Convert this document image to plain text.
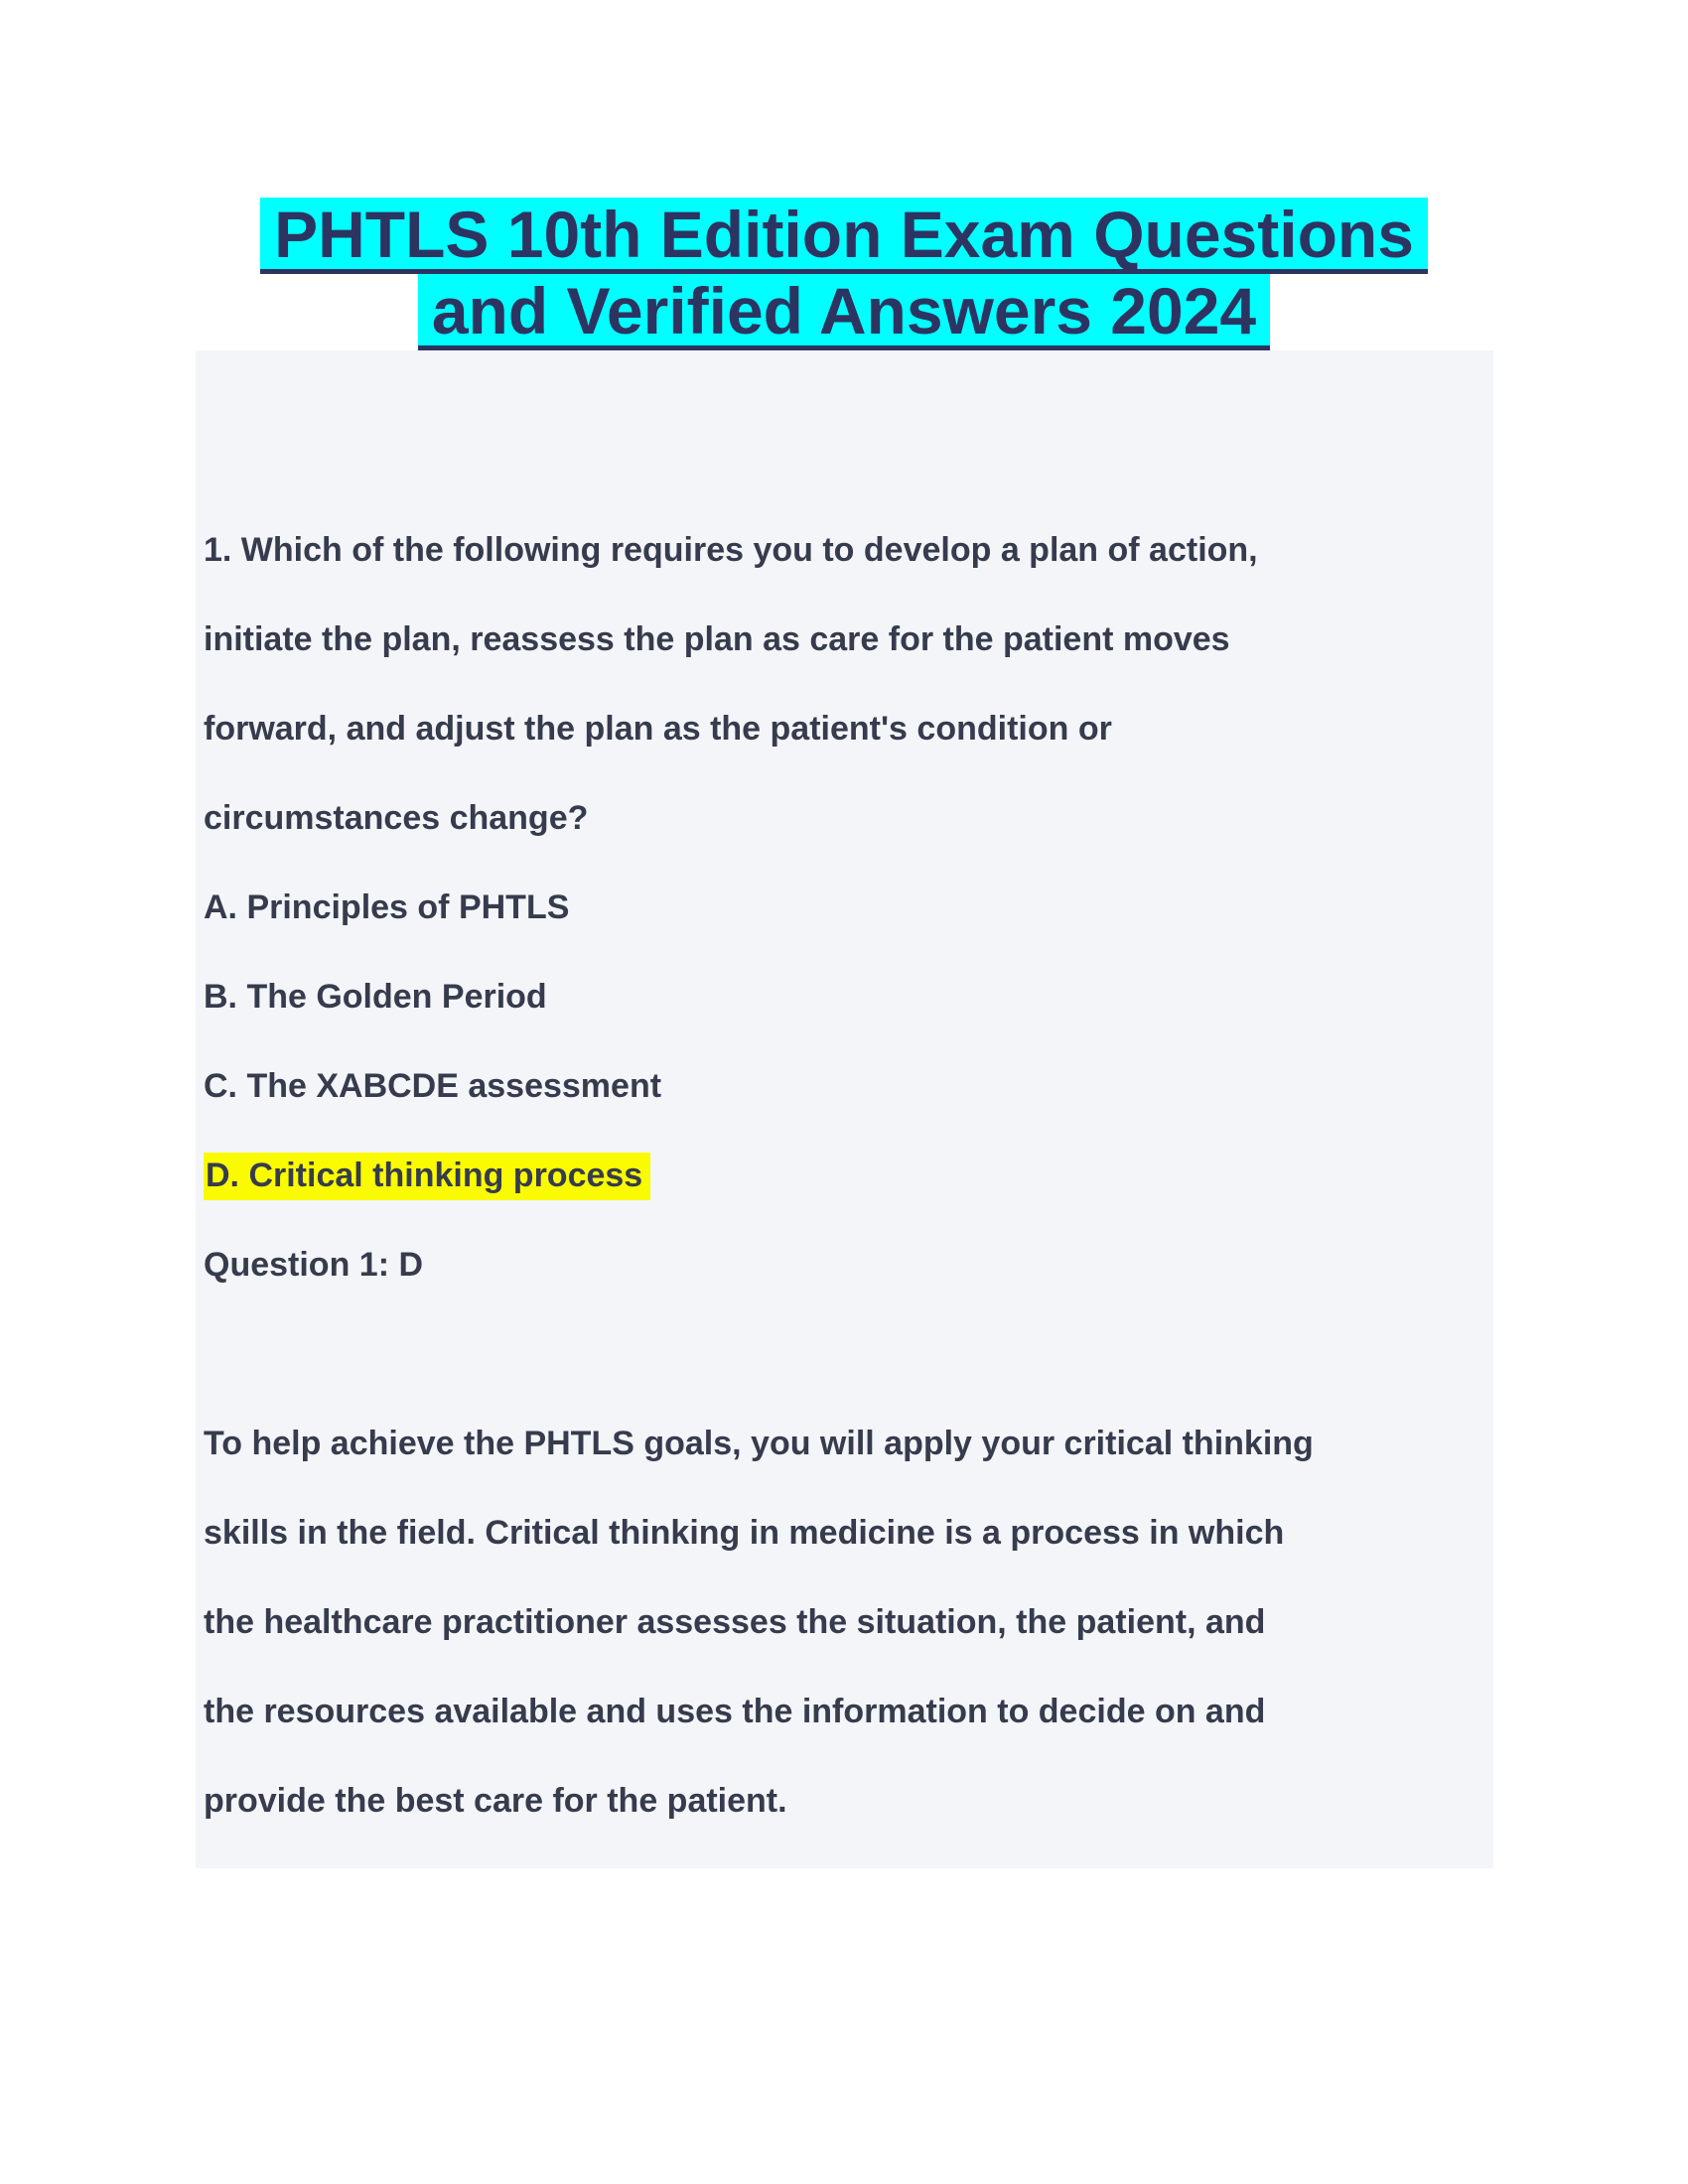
PHTLS 10th Edition Exam Questions
and Verified Answers 2024
1. Which of the following requires you to develop a plan of action,
initiate the plan, reassess the plan as care for the patient moves
forward, and adjust the plan as the patient's condition or
circumstances change?
A. Principles of PHTLS
B. The Golden Period
C. The XABCDE assessment
D. Critical thinking process
Question 1: D
To help achieve the PHTLS goals, you will apply your critical thinking
skills in the field. Critical thinking in medicine is a process in which
the healthcare practitioner assesses the situation, the patient, and
the resources available and uses the information to decide on and
provide the best care for the patient.
